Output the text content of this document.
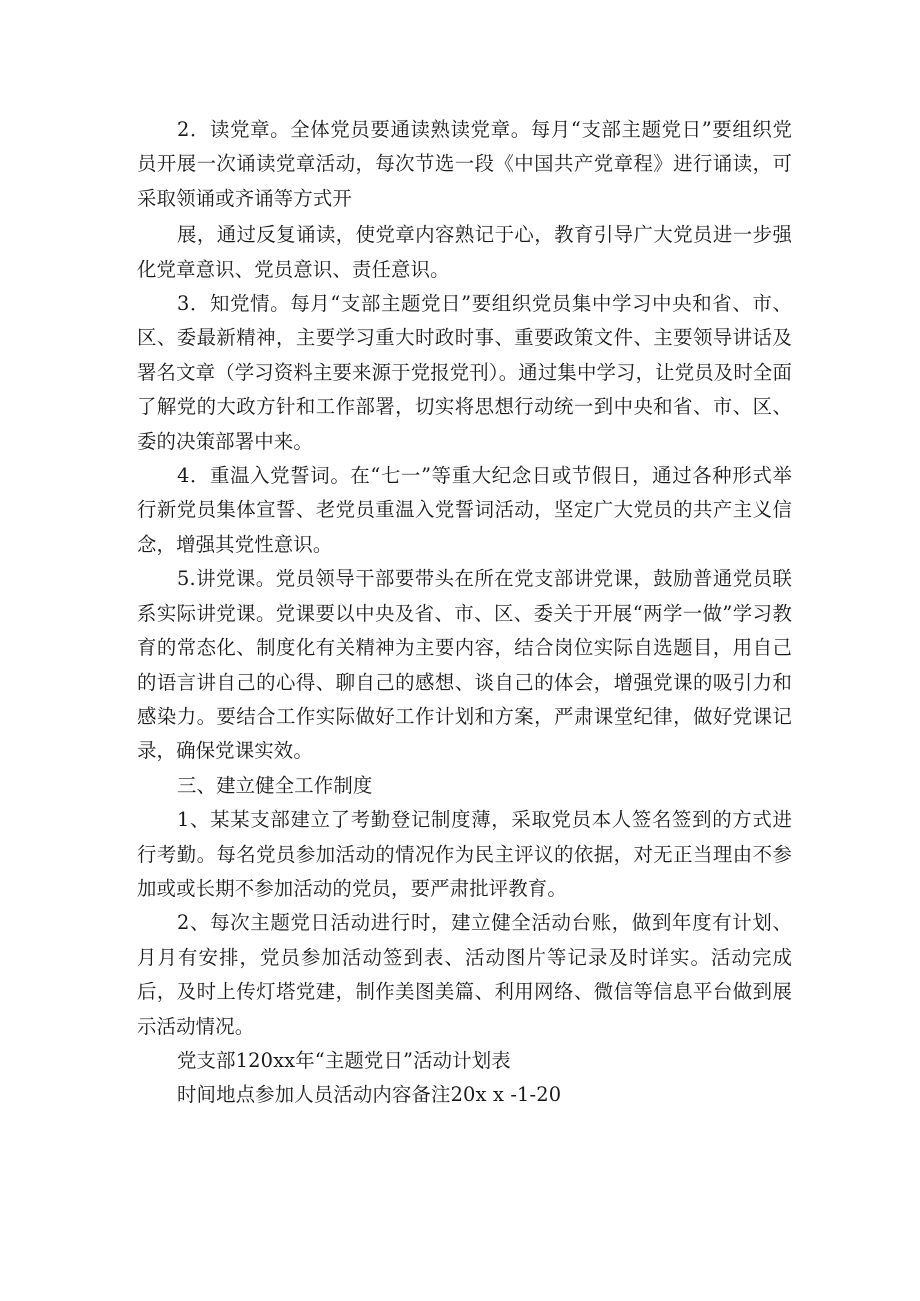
2．读党章。全体党员要通读熟读党章。每月“支部主题党日”要组织党员开展一次诵读党章活动，每次节选一段《中国共产党章程》进行诵读，可采取领诵或齐诵等方式开

展，通过反复诵读，使党章内容熟记于心，教育引导广大党员进一步强化党章意识、党员意识、责任意识。

3．知党情。每月“支部主题党日”要组织党员集中学习中央和省、市、区、委最新精神，主要学习重大时政时事、重要政策文件、主要领导讲话及署名文章（学习资料主要来源于党报党刊）。通过集中学习，让党员及时全面了解党的大政方针和工作部署，切实将思想行动统一到中央和省、市、区、委的决策部署中来。

4．重温入党誓词。在“七一”等重大纪念日或节假日，通过各种形式举行新党员集体宣誓、老党员重温入党誓词活动，坚定广大党员的共产主义信念，增强其党性意识。

5.讲党课。党员领导干部要带头在所在党支部讲党课，鼓励普通党员联系实际讲党课。党课要以中央及省、市、区、委关于开展“两学一做”学习教育的常态化、制度化有关精神为主要内容，结合岗位实际自选题目，用自己的语言讲自己的心得、聊自己的感想、谈自己的体会，增强党课的吸引力和感染力。要结合工作实际做好工作计划和方案，严肃课堂纪律，做好党课记录，确保党课实效。

三、建立健全工作制度

1、某某支部建立了考勤登记制度薄，采取党员本人签名签到的方式进行考勤。每名党员参加活动的情况作为民主评议的依据，对无正当理由不参加或或长期不参加活动的党员，要严肃批评教育。

2、每次主题党日活动进行时，建立健全活动台账，做到年度有计划、月月有安排，党员参加活动签到表、活动图片等记录及时详实。活动完成后，及时上传灯塔党建，制作美图美篇、利用网络、微信等信息平台做到展示活动情况。

党支部120xx年“主题党日”活动计划表

时间地点参加人员活动内容备注20x x -1-20
